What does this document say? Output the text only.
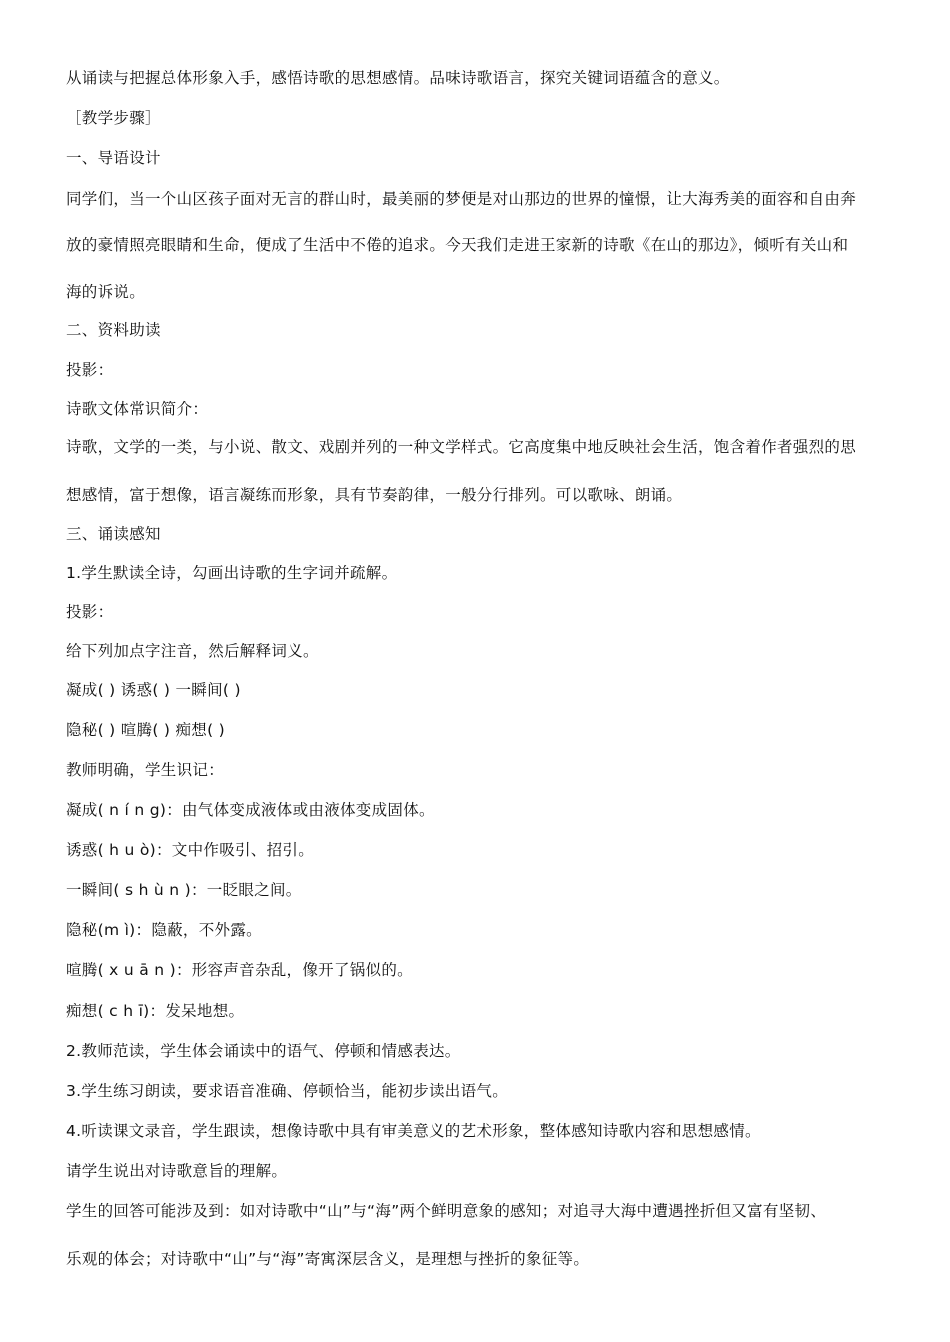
从诵读与把握总体形象入手，感悟诗歌的思想感情。品味诗歌语言，探究关键词语蕴含的意义。
［教学步骤］
一、导语设计
同学们，当一个山区孩子面对无言的群山时，最美丽的梦便是对山那边的世界的憧憬，让大海秀美的面容和自由奔
放的豪情照亮眼睛和生命，便成了生活中不倦的追求。今天我们走进王家新的诗歌《在山的那边》，倾听有关山和
海的诉说。
二、资料助读
投影：
诗歌文体常识简介：
诗歌，文学的一类，与小说、散文、戏剧并列的一种文学样式。它高度集中地反映社会生活，饱含着作者强烈的思
想感情，富于想像，语言凝练而形象，具有节奏韵律，一般分行排列。可以歌咏、朗诵。
三、诵读感知
1.学生默读全诗，勾画出诗歌的生字词并疏解。
投影：
给下列加点字注音，然后解释词义。
凝成( ) 诱惑( ) 一瞬间( )
隐秘( ) 喧腾( ) 痴想( )
教师明确，学生识记：
凝成( n í n g)：由气体变成液体或由液体变成固体。
诱惑( h u ò)：文中作吸引、招引。
一瞬间( s h ù n )：一眨眼之间。
隐秘(m ì)：隐蔽，不外露。
喧腾( x u ā n )：形容声音杂乱，像开了锅似的。
痴想( c h ī)：发呆地想。
2.教师范读，学生体会诵读中的语气、停顿和情感表达。
3.学生练习朗读，要求语音准确、停顿恰当，能初步读出语气。
4.听读课文录音，学生跟读，想像诗歌中具有审美意义的艺术形象，整体感知诗歌内容和思想感情。
请学生说出对诗歌意旨的理解。
学生的回答可能涉及到：如对诗歌中“山”与“海”两个鲜明意象的感知；对追寻大海中遭遇挫折但又富有坚韧、
乐观的体会；对诗歌中“山”与“海”寄寓深层含义，是理想与挫折的象征等。
